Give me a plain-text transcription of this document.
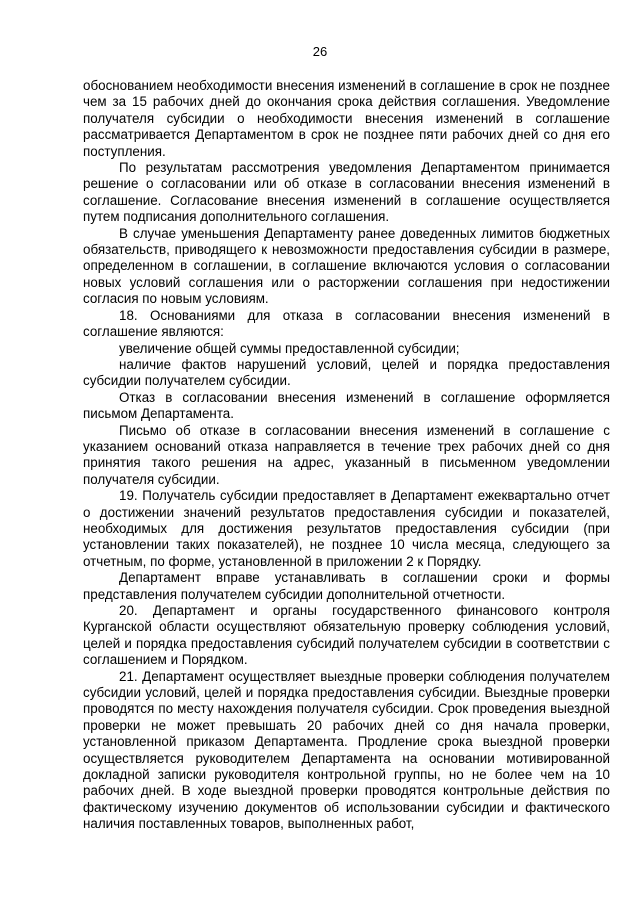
26

обоснованием необходимости внесения изменений в соглашение в срок не позднее чем за 15 рабочих дней до окончания срока действия соглашения. Уведомление получателя субсидии о необходимости внесения изменений в соглашение рассматривается Департаментом в срок не позднее пяти рабочих дней со дня его поступления.

По результатам рассмотрения уведомления Департаментом принимается решение о согласовании или об отказе в согласовании внесения изменений в соглашение. Согласование внесения изменений в соглашение осуществляется путем подписания дополнительного соглашения.

В случае уменьшения Департаменту ранее доведенных лимитов бюджетных обязательств, приводящего к невозможности предоставления субсидии в размере, определенном в соглашении, в соглашение включаются условия о согласовании новых условий соглашения или о расторжении соглашения при недостижении согласия по новым условиям.

18. Основаниями для отказа в согласовании внесения изменений в соглашение являются:

увеличение общей суммы предоставленной субсидии;

наличие фактов нарушений условий, целей и порядка предоставления субсидии получателем субсидии.

Отказ в согласовании внесения изменений в соглашение оформляется письмом Департамента.

Письмо об отказе в согласовании внесения изменений в соглашение с указанием оснований отказа направляется в течение трех рабочих дней со дня принятия такого решения на адрес, указанный в письменном уведомлении получателя субсидии.

19. Получатель субсидии предоставляет в Департамент ежеквартально отчет о достижении значений результатов предоставления субсидии и показателей, необходимых для достижения результатов предоставления субсидии (при установлении таких показателей), не позднее 10 числа месяца, следующего за отчетным, по форме, установленной в приложении 2 к Порядку.

Департамент вправе устанавливать в соглашении сроки и формы представления получателем субсидии дополнительной отчетности.

20. Департамент и органы государственного финансового контроля Курганской области осуществляют обязательную проверку соблюдения условий, целей и порядка предоставления субсидий получателем субсидии в соответствии с соглашением и Порядком.

21. Департамент осуществляет выездные проверки соблюдения получателем субсидии условий, целей и порядка предоставления субсидии. Выездные проверки проводятся по месту нахождения получателя субсидии. Срок проведения выездной проверки не может превышать 20 рабочих дней со дня начала проверки, установленной приказом Департамента. Продление срока выездной проверки осуществляется руководителем Департамента на основании мотивированной докладной записки руководителя контрольной группы, но не более чем на 10 рабочих дней. В ходе выездной проверки проводятся контрольные действия по фактическому изучению документов об использовании субсидии и фактического наличия поставленных товаров, выполненных работ,
